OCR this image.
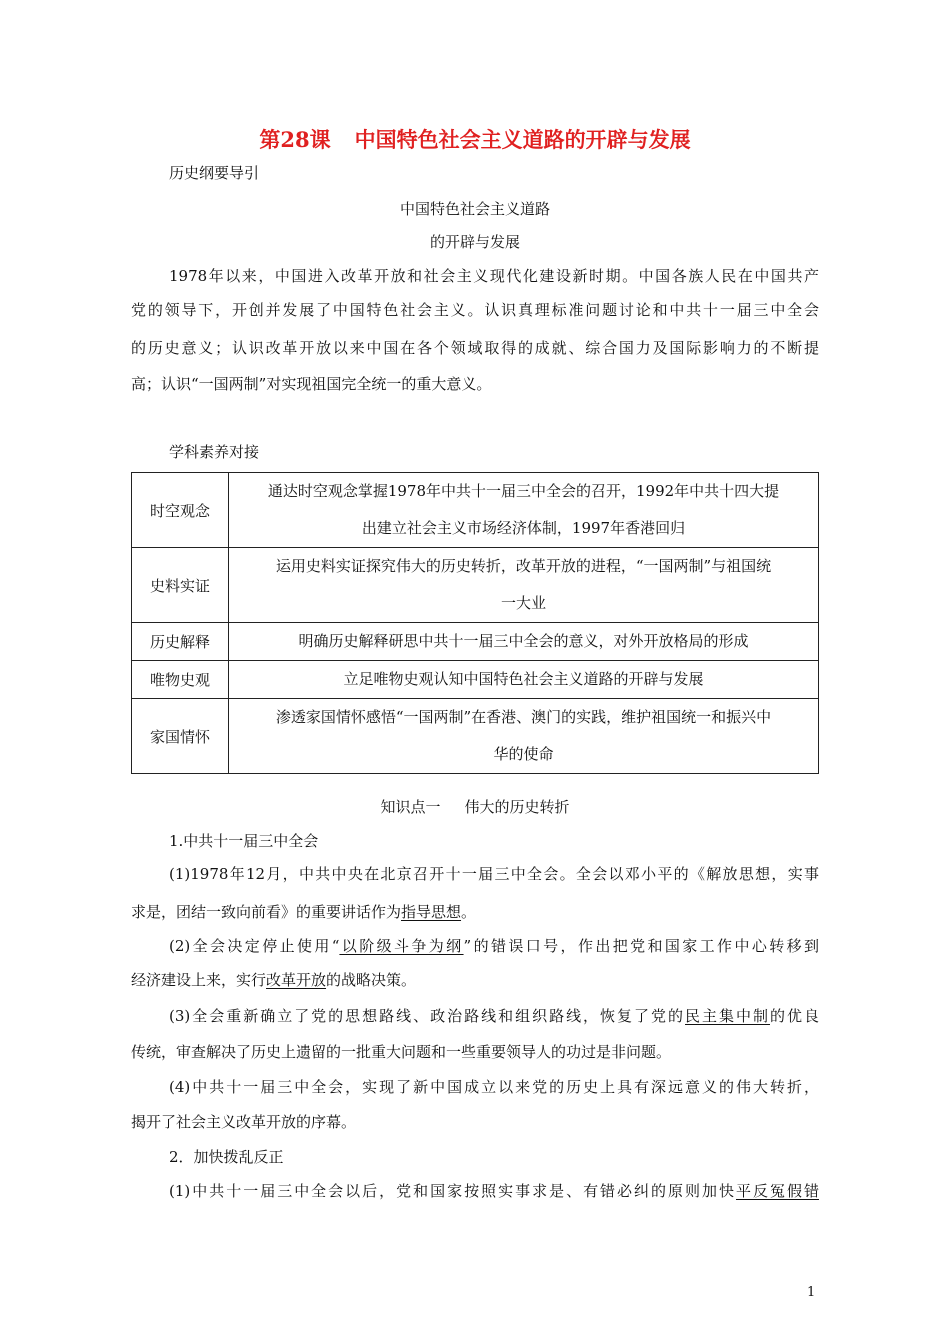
第28课 中国特色社会主义道路的开辟与发展
历史纲要导引
中国特色社会主义道路
的开辟与发展
1978年以来，中国进入改革开放和社会主义现代化建设新时期。中国各族人民在中国共产
党的领导下，开创并发展了中国特色社会主义。认识真理标准问题讨论和中共十一届三中全会
的历史意义；认识改革开放以来中国在各个领域取得的成就、综合国力及国际影响力的不断提
高；认识“一国两制”对实现祖国完全统一的重大意义。
学科素养对接
时空观念	通达时空观念掌握1978年中共十一届三中全会的召开，1992年中共十四大提
出建立社会主义市场经济体制，1997年香港回归

史料实证	运用史料实证探究伟大的历史转折，改革开放的进程，“一国两制”与祖国统
一大业

历史解释	明确历史解释研思中共十一届三中全会的意义，对外开放格局的形成

唯物史观	立足唯物史观认知中国特色社会主义道路的开辟与发展

家国情怀	渗透家国情怀感悟“一国两制”在香港、澳门的实践，维护祖国统一和振兴中
华的使命
知识点一 伟大的历史转折
1.中共十一届三中全会
(1)1978年12月，中共中央在北京召开十一届三中全会。全会以邓小平的《解放思想，实事
求是，团结一致向前看》的重要讲话作为指导思想。
(2)全会决定停止使用“以阶级斗争为纲”的错误口号，作出把党和国家工作中心转移到
经济建设上来，实行改革开放的战略决策。
(3)全会重新确立了党的思想路线、政治路线和组织路线，恢复了党的民主集中制的优良
传统，审查解决了历史上遗留的一批重大问题和一些重要领导人的功过是非问题。
(4)中共十一届三中全会，实现了新中国成立以来党的历史上具有深远意义的伟大转折，
揭开了社会主义改革开放的序幕。
2．加快拨乱反正
(1)中共十一届三中全会以后，党和国家按照实事求是、有错必纠的原则加快平反冤假错
1
